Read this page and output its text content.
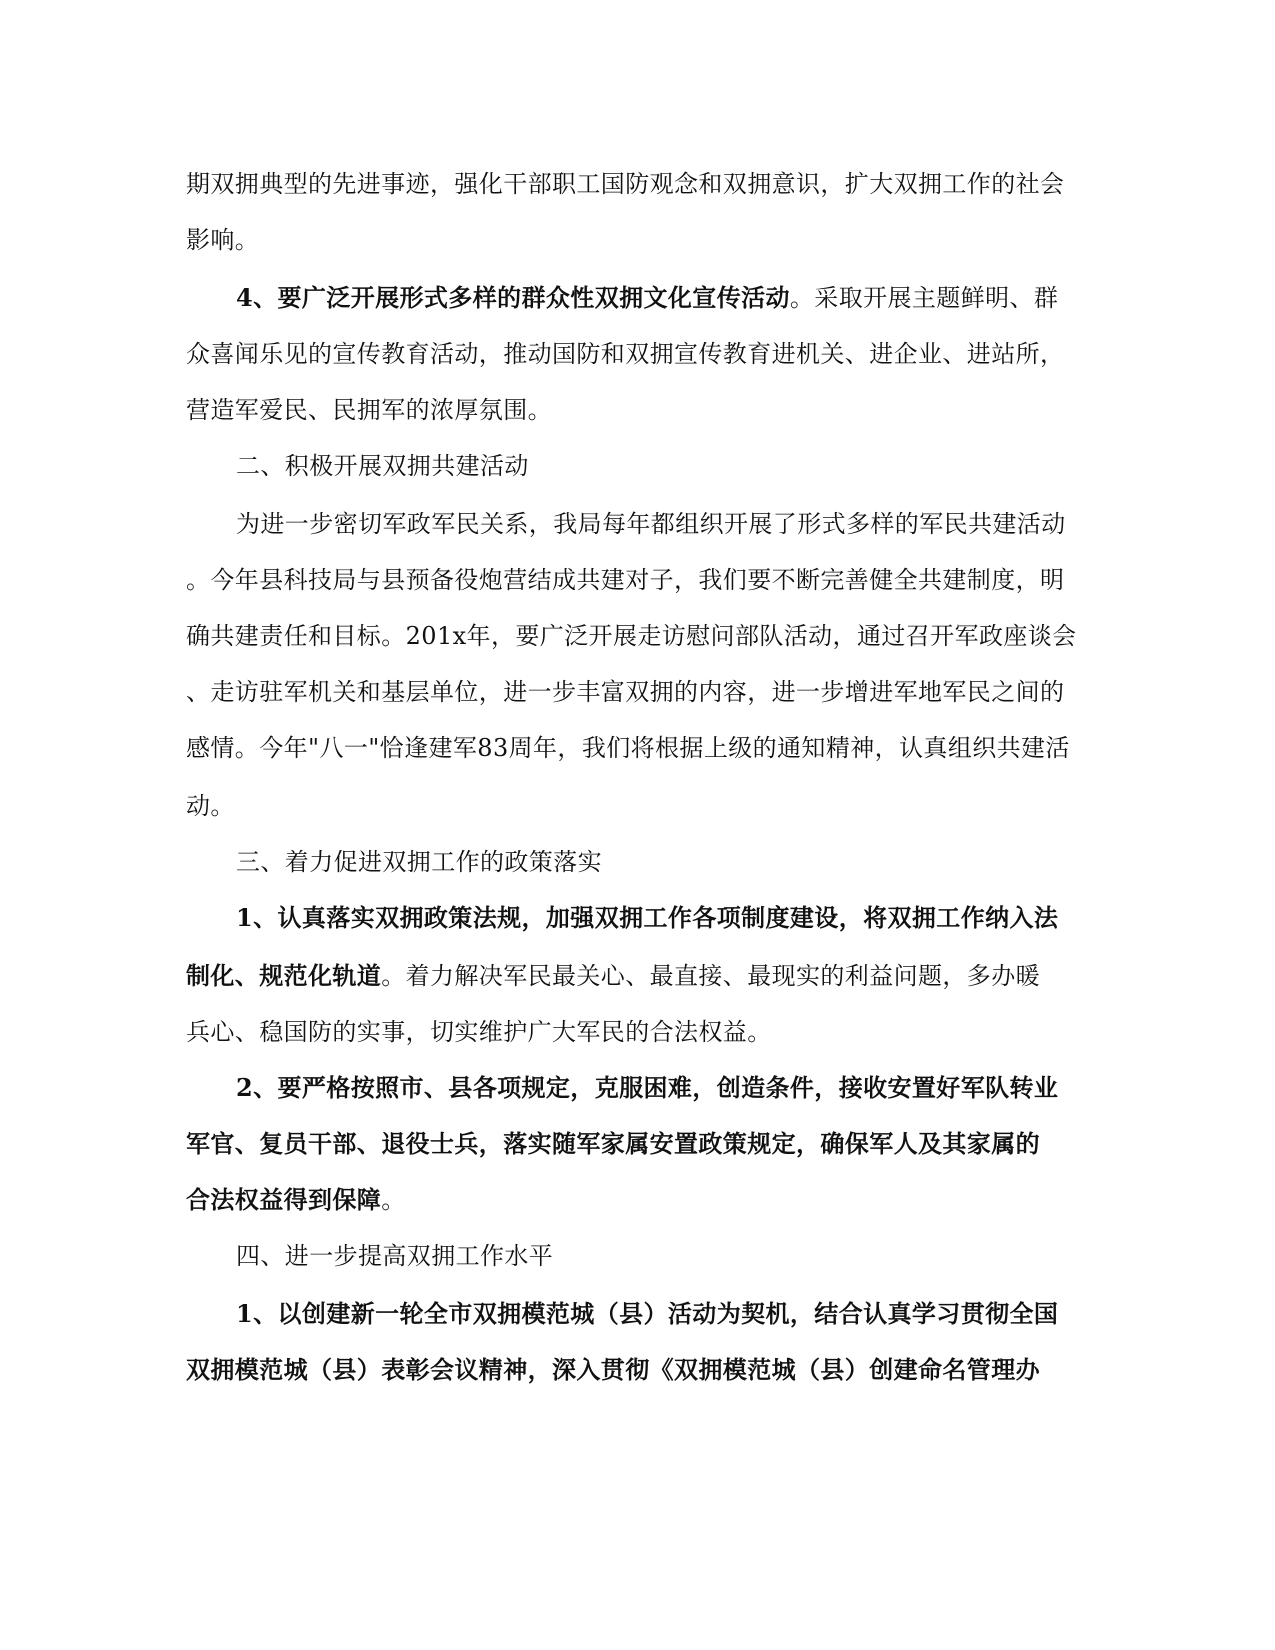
期双拥典型的先进事迹，强化干部职工国防观念和双拥意识，扩大双拥工作的社会
影响。
4、要广泛开展形式多样的群众性双拥文化宣传活动。采取开展主题鲜明、群
众喜闻乐见的宣传教育活动，推动国防和双拥宣传教育进机关、进企业、进站所，
营造军爱民、民拥军的浓厚氛围。
二、积极开展双拥共建活动
为进一步密切军政军民关系，我局每年都组织开展了形式多样的军民共建活动
。今年县科技局与县预备役炮营结成共建对子，我们要不断完善健全共建制度，明
确共建责任和目标。201x年，要广泛开展走访慰问部队活动，通过召开军政座谈会
、走访驻军机关和基层单位，进一步丰富双拥的内容，进一步增进军地军民之间的
感情。今年"八一"恰逢建军83周年，我们将根据上级的通知精神，认真组织共建活
动。
三、着力促进双拥工作的政策落实
1、认真落实双拥政策法规，加强双拥工作各项制度建设，将双拥工作纳入法
制化、规范化轨道。着力解决军民最关心、最直接、最现实的利益问题，多办暖
兵心、稳国防的实事，切实维护广大军民的合法权益。
2、要严格按照市、县各项规定，克服困难，创造条件，接收安置好军队转业
军官、复员干部、退役士兵，落实随军家属安置政策规定，确保军人及其家属的
合法权益得到保障。
四、进一步提高双拥工作水平
1、以创建新一轮全市双拥模范城（县）活动为契机，结合认真学习贯彻全国
双拥模范城（县）表彰会议精神，深入贯彻《双拥模范城（县）创建命名管理办
